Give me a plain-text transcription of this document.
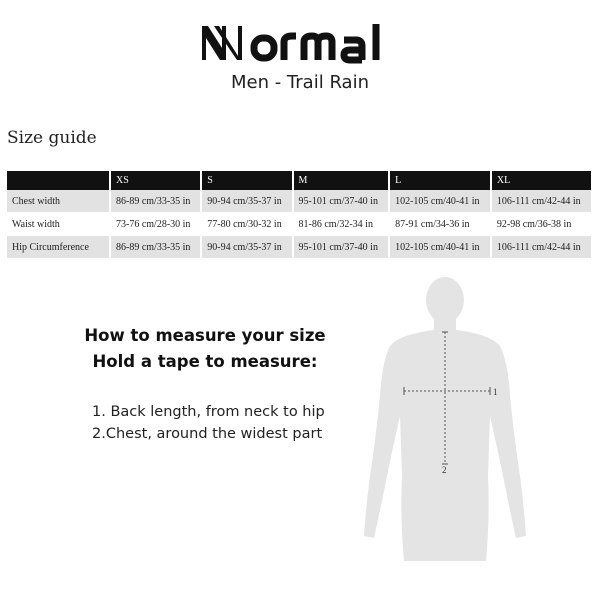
NNormal
Men - Trail Rain
Size guide
	XS	S	M	L	XL
Chest width	86-89 cm/33-35 in	90-94 cm/35-37 in	95-101 cm/37-40 in	102-105 cm/40-41 in	106-111 cm/42-44 in
Waist width	73-76 cm/28-30 in	77-80 cm/30-32 in	81-86 cm/32-34 in	87-91 cm/34-36 in	92-98 cm/36-38 in
Hip Circumference	86-89 cm/33-35 in	90-94 cm/35-37 in	95-101 cm/37-40 in	102-105 cm/40-41 in	106-111 cm/42-44 in
How to measure your size
Hold a tape to measure:
1. Back length, from neck to hip
2.Chest, around the widest part
1
2
